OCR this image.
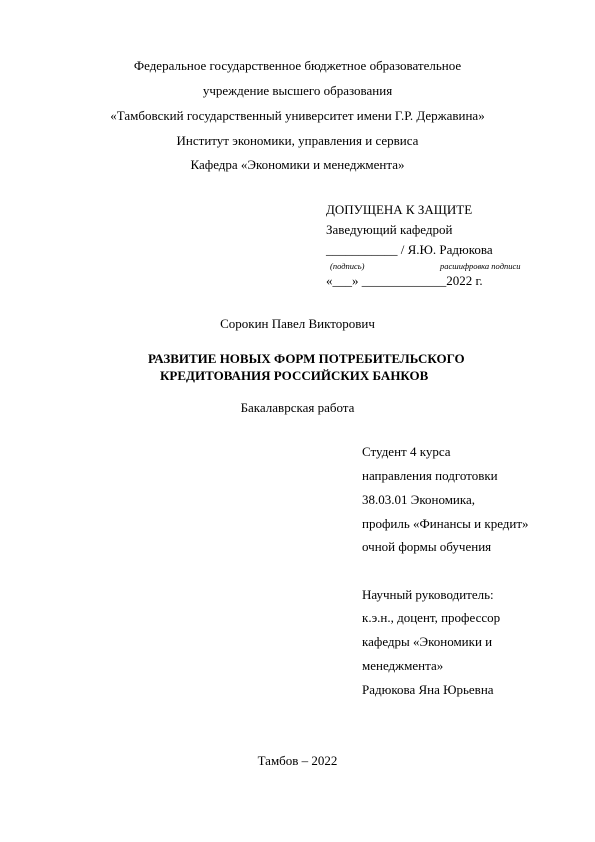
Федеральное государственное бюджетное образовательное
учреждение высшего образования
«Тамбовский государственный университет имени Г.Р. Державина»
Институт экономики, управления и сервиса
Кафедра «Экономики и менеджмента»
ДОПУЩЕНА К ЗАЩИТЕ
Заведующий кафедрой
___________ / Я.Ю. Радюкова
(подпись)	расшифровка подписи
«___» _____________2022 г.
Сорокин Павел Викторович
РАЗВИТИЕ НОВЫХ ФОРМ ПОТРЕБИТЕЛЬСКОГО
КРЕДИТОВАНИЯ РОССИЙСКИХ БАНКОВ
Бакалаврская работа
Студент 4 курса
направления подготовки
38.03.01 Экономика,
профиль «Финансы и кредит»
очной формы обучения
Научный руководитель:
к.э.н., доцент, профессор
кафедры «Экономики и
менеджмента»
Радюкова Яна Юрьевна
Тамбов – 2022
